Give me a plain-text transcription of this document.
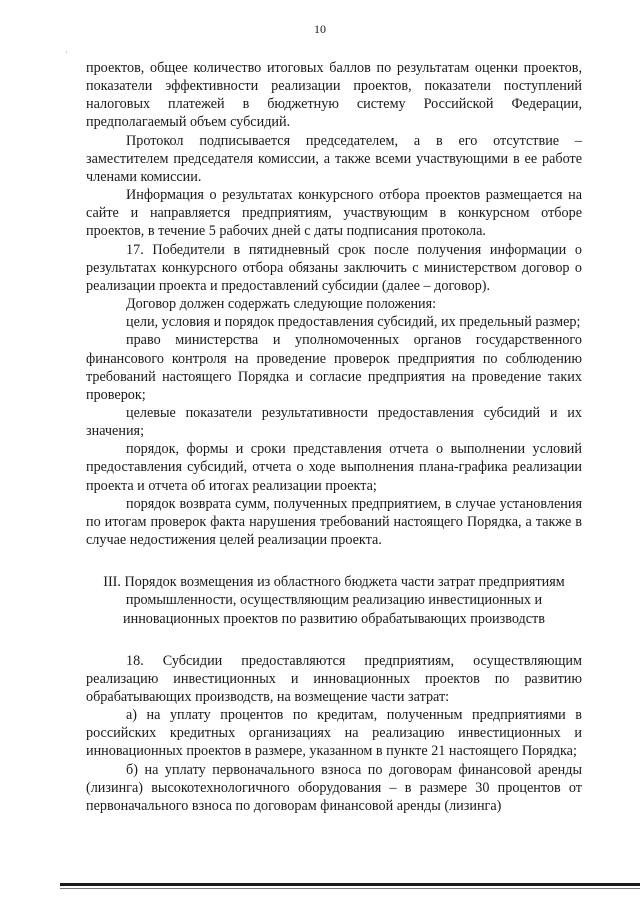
10
'

проектов, общее количество итоговых баллов по результатам оценки проектов, показатели эффективности реализации проектов, показатели поступлений налоговых платежей в бюджетную систему Российской Федерации, предполагаемый объем субсидий.

Протокол подписывается председателем, а в его отсутствие – заместителем председателя комиссии, а также всеми участвующими в ее работе членами комиссии.

Информация о результатах конкурсного отбора проектов размещается на сайте и направляется предприятиям, участвующим в конкурсном отборе проектов, в течение 5 рабочих дней с даты подписания протокола.

17. Победители в пятидневный срок после получения информации о результатах конкурсного отбора обязаны заключить с министерством договор о реализации проекта и предоставлений субсидии (далее – договор).

Договор должен содержать следующие положения:

цели, условия и порядок предоставления субсидий, их предельный размер;

право министерства и уполномоченных органов государственного финансового контроля на проведение проверок предприятия по соблюдению требований настоящего Порядка и согласие предприятия на проведение таких проверок;

целевые показатели результативности предоставления субсидий и их значения;

порядок, формы и сроки представления отчета о выполнении условий предоставления субсидий, отчета о ходе выполнения плана-графика реализации проекта и отчета об итогах реализации проекта;

порядок возврата сумм, полученных предприятием, в случае установления по итогам проверок факта нарушения требований настоящего Порядка, а также в случае недостижения целей реализации проекта.

III. Порядок возмещения из областного бюджета части затрат предприятиям промышленности, осуществляющим реализацию инвестиционных и инновационных проектов по развитию обрабатывающих производств

18. Субсидии предоставляются предприятиям, осуществляющим реализацию инвестиционных и инновационных проектов по развитию обрабатывающих производств, на возмещение части затрат:

а) на уплату процентов по кредитам, полученным предприятиями в российских кредитных организациях на реализацию инвестиционных и инновационных проектов в размере, указанном в пункте 21 настоящего Порядка;

б) на уплату первоначального взноса по договорам финансовой аренды (лизинга) высокотехнологичного оборудования – в размере 30 процентов от первоначального взноса по договорам финансовой аренды (лизинга)
